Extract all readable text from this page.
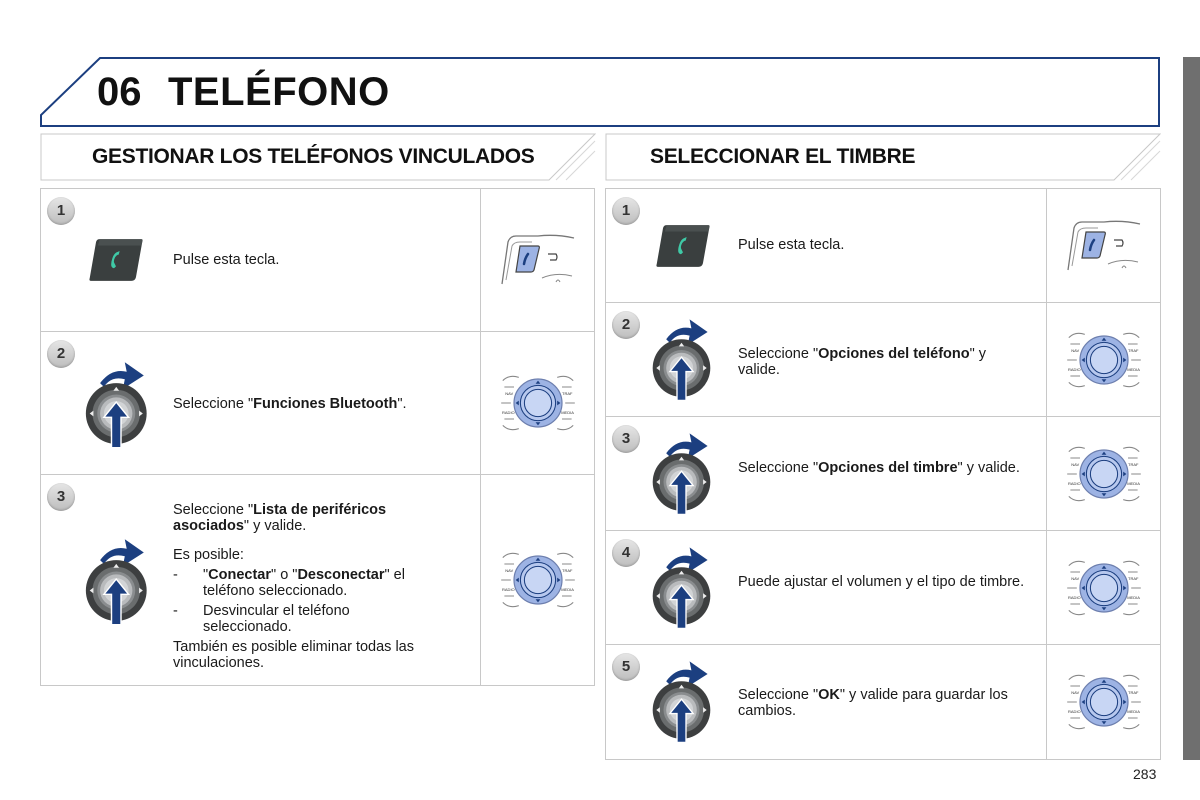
06 TELÉFONO
GESTIONAR LOS TELÉFONOS VINCULADOS	SELECCIONAR EL TIMBRE
1
Pulse esta tecla.
2
Seleccione "Funciones Bluetooth".
3
Seleccione "Lista de periféricos asociados" y valide.
Es posible:
- "Conectar" o "Desconectar" el teléfono seleccionado.
- Desvincular el teléfono seleccionado.
También es posible eliminar todas las vinculaciones.
1
Pulse esta tecla.
2
Seleccione "Opciones del teléfono" y valide.
3
Seleccione "Opciones del timbre" y valide.
4
Puede ajustar el volumen y el tipo de timbre.
5
Seleccione "OK" y valide para guardar los cambios.
283
